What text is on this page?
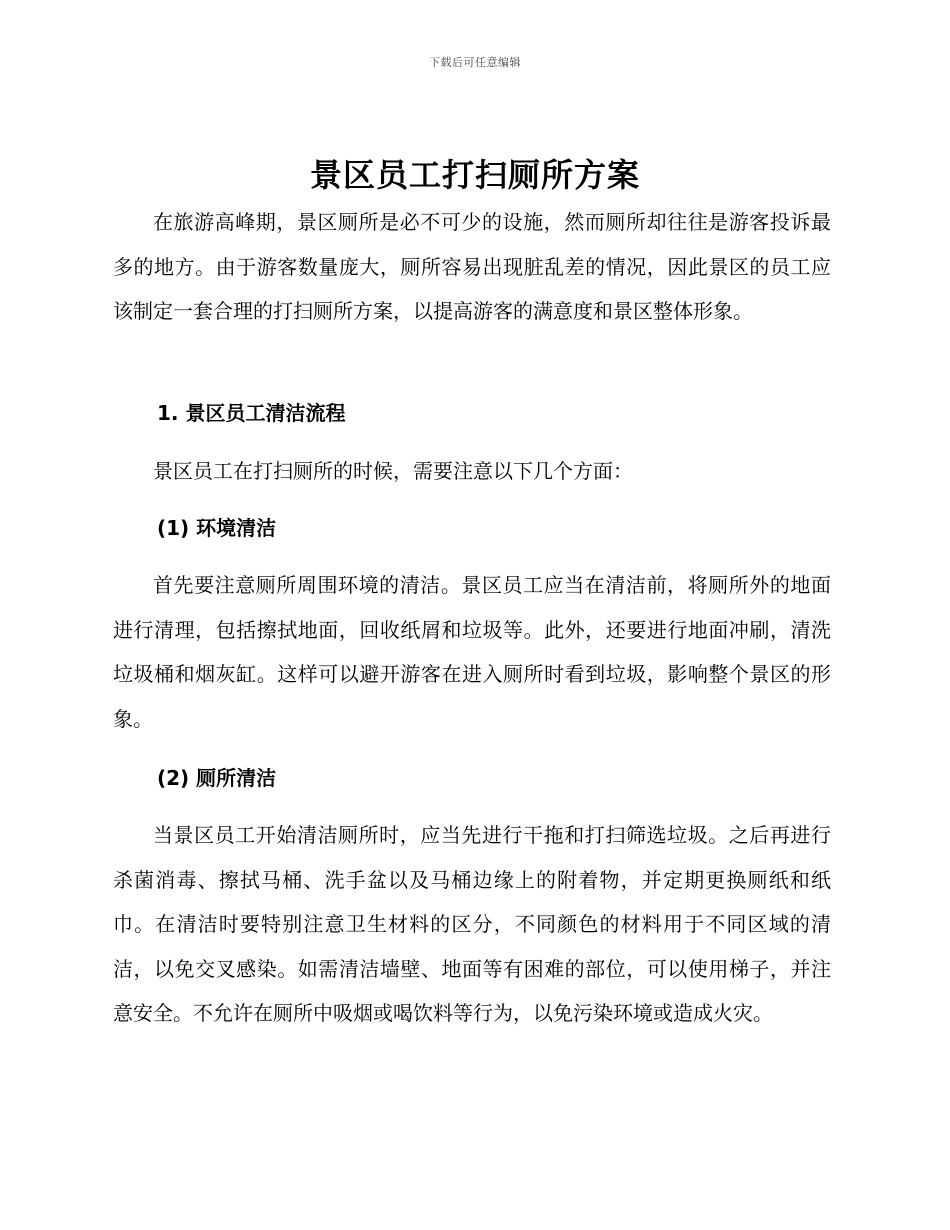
下载后可任意编辑
景区员工打扫厕所方案

在旅游高峰期，景区厕所是必不可少的设施，然而厕所却往往是游客投诉最多的地方。由于游客数量庞大，厕所容易出现脏乱差的情况，因此景区的员工应该制定一套合理的打扫厕所方案，以提高游客的满意度和景区整体形象。

1. 景区员工清洁流程

景区员工在打扫厕所的时候，需要注意以下几个方面：

(1) 环境清洁

首先要注意厕所周围环境的清洁。景区员工应当在清洁前，将厕所外的地面进行清理，包括擦拭地面，回收纸屑和垃圾等。此外，还要进行地面冲刷，清洗垃圾桶和烟灰缸。这样可以避开游客在进入厕所时看到垃圾，影响整个景区的形象。

(2) 厕所清洁

当景区员工开始清洁厕所时，应当先进行干拖和打扫筛选垃圾。之后再进行杀菌消毒、擦拭马桶、洗手盆以及马桶边缘上的附着物，并定期更换厕纸和纸巾。在清洁时要特别注意卫生材料的区分，不同颜色的材料用于不同区域的清洁，以免交叉感染。如需清洁墙壁、地面等有困难的部位，可以使用梯子，并注意安全。不允许在厕所中吸烟或喝饮料等行为，以免污染环境或造成火灾。
